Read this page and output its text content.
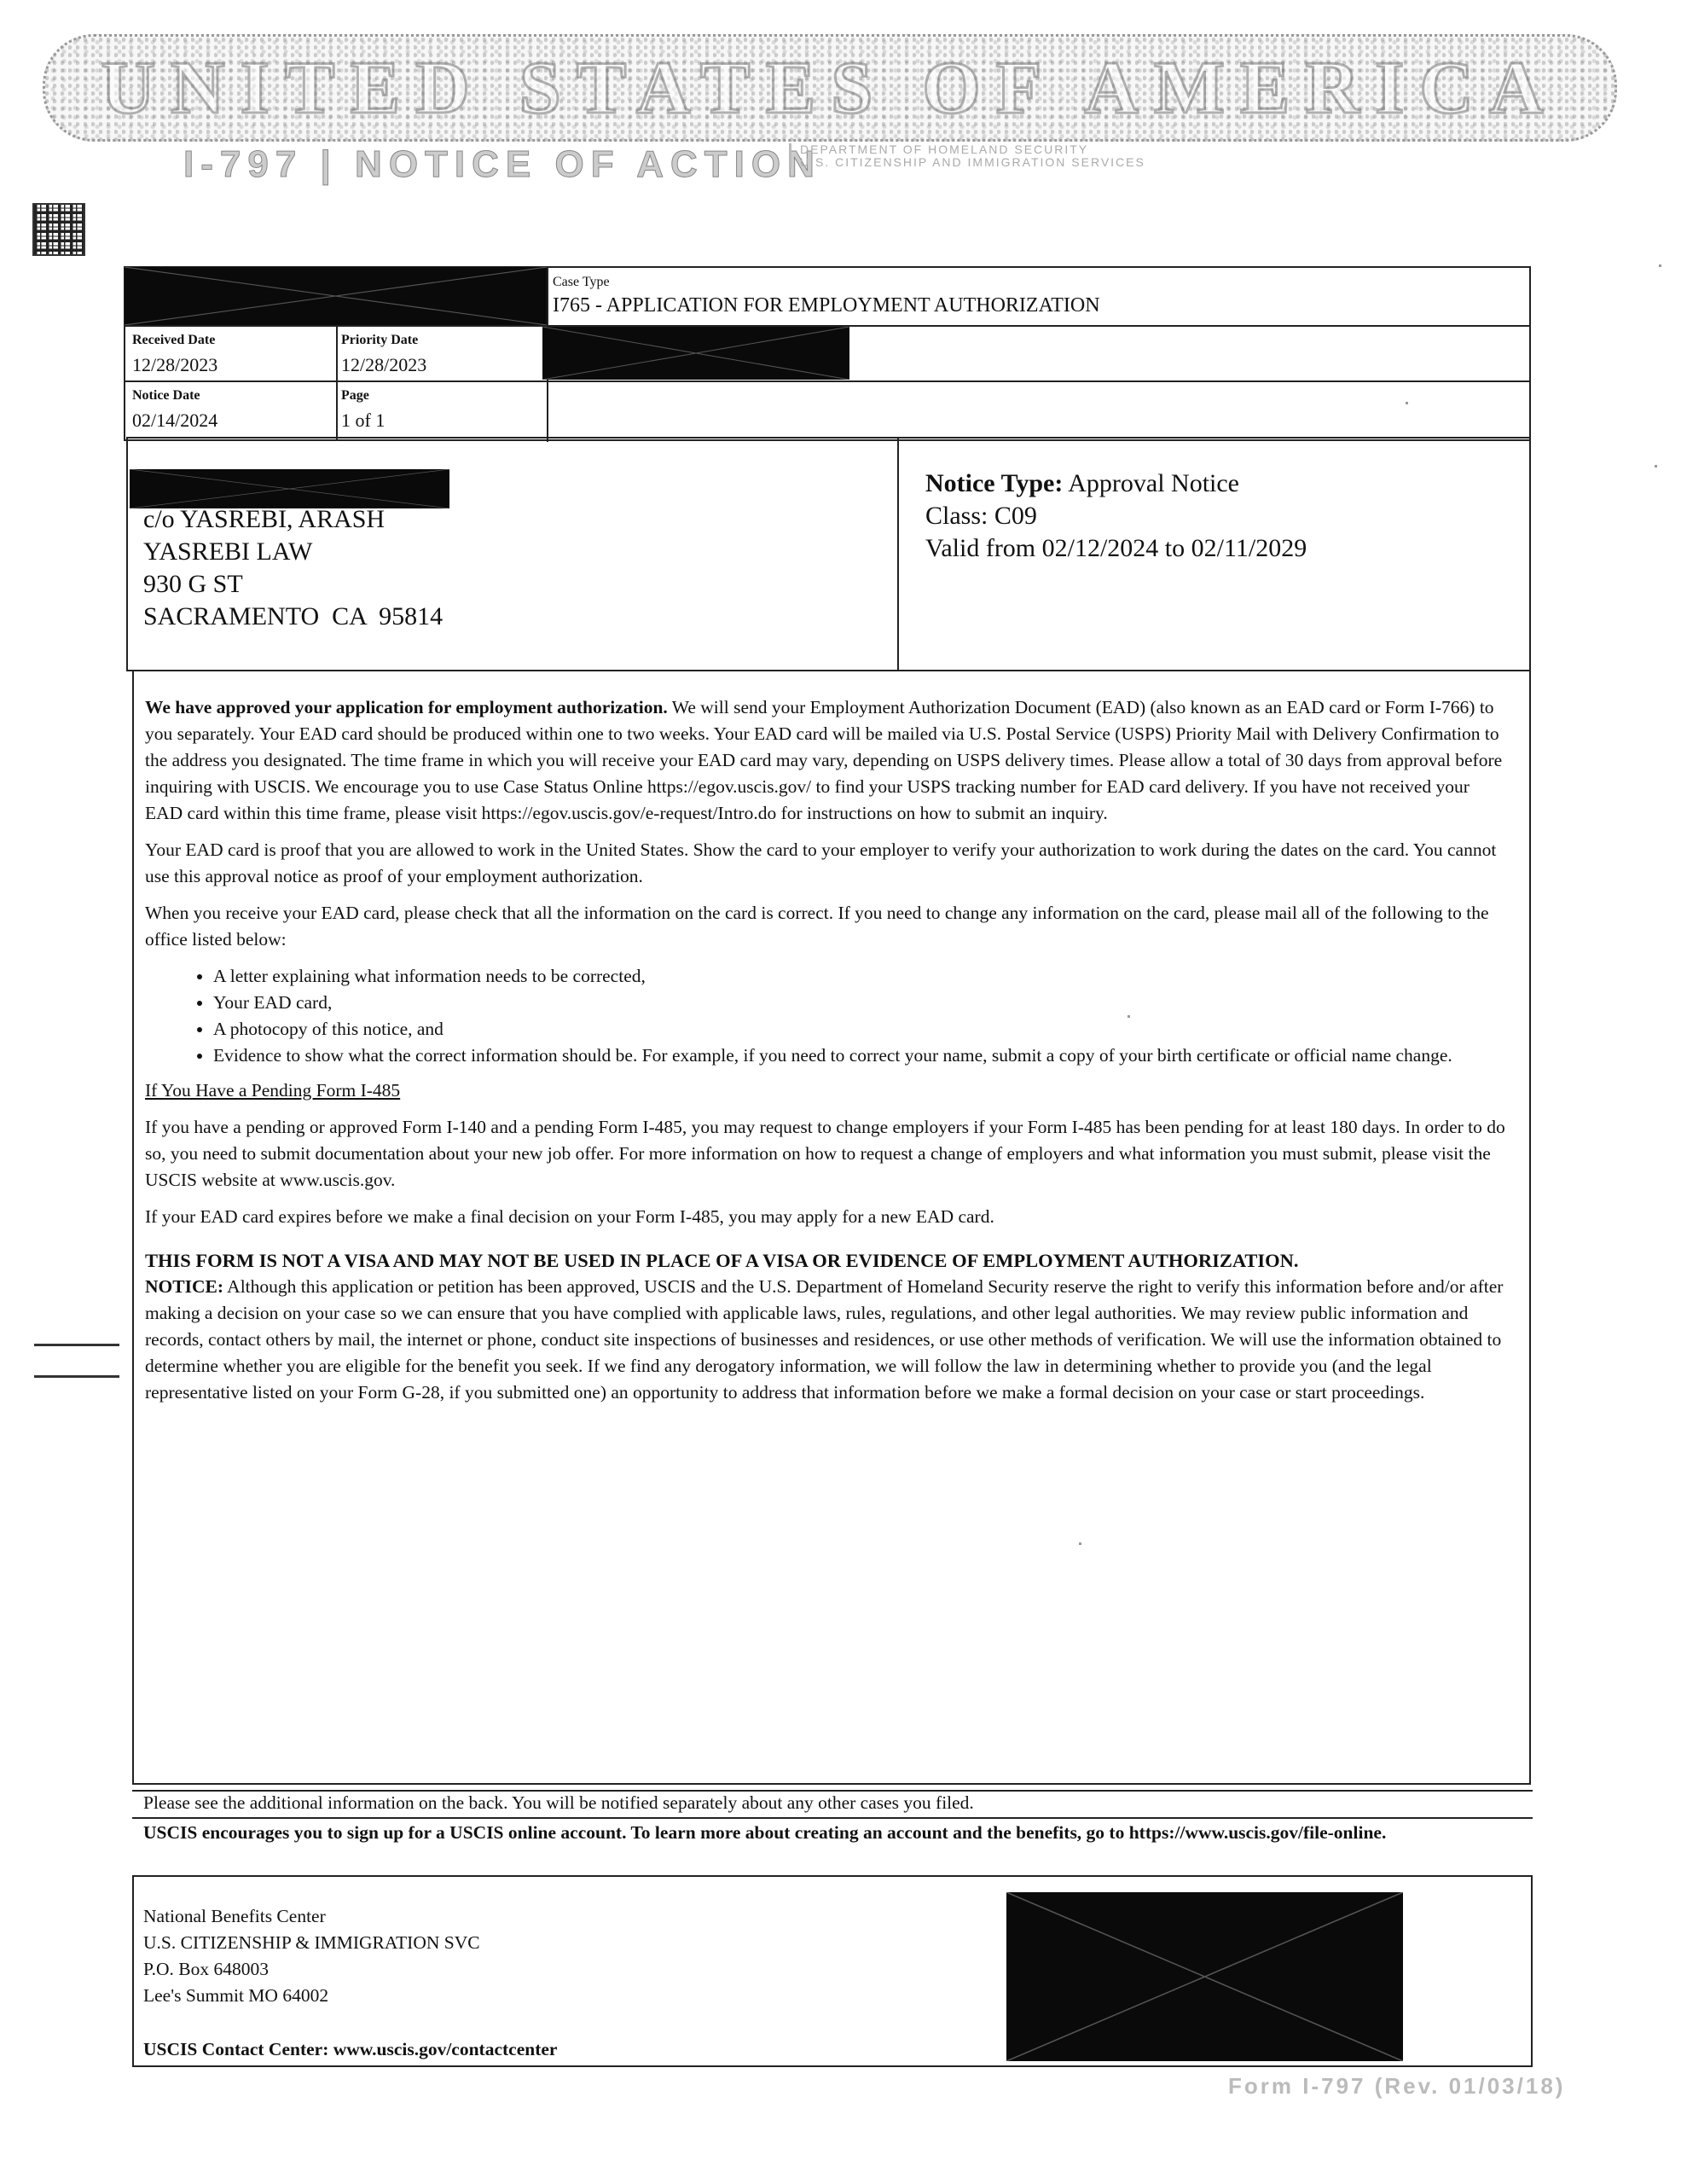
UNITED STATES OF AMERICA
I-797 | NOTICE OF ACTION
DEPARTMENT OF HOMELAND SECURITY
U.S. CITIZENSHIP AND IMMIGRATION SERVICES
Case Type
I765 - APPLICATION FOR EMPLOYMENT AUTHORIZATION
Received Date
12/28/2023
Priority Date
12/28/2023
Notice Date
02/14/2024
Page
1 of 1
c/o YASREBI, ARASH
YASREBI LAW
930 G ST
SACRAMENTO  CA  95814
Notice Type: Approval Notice
Class: C09
Valid from 02/12/2024 to 02/11/2029

We have approved your application for employment authorization. We will send your Employment Authorization Document (EAD) (also known as an EAD card or Form I-766) to you separately. Your EAD card should be produced within one to two weeks. Your EAD card will be mailed via U.S. Postal Service (USPS) Priority Mail with Delivery Confirmation to the address you designated. The time frame in which you will receive your EAD card may vary, depending on USPS delivery times. Please allow a total of 30 days from approval before inquiring with USCIS. We encourage you to use Case Status Online https://egov.uscis.gov/ to find your USPS tracking number for EAD card delivery. If you have not received your EAD card within this time frame, please visit https://egov.uscis.gov/e-request/Intro.do for instructions on how to submit an inquiry.

Your EAD card is proof that you are allowed to work in the United States. Show the card to your employer to verify your authorization to work during the dates on the card. You cannot use this approval notice as proof of your employment authorization.

When you receive your EAD card, please check that all the information on the card is correct. If you need to change any information on the card, please mail all of the following to the office listed below:

• A letter explaining what information needs to be corrected,
• Your EAD card,
• A photocopy of this notice, and
• Evidence to show what the correct information should be. For example, if you need to correct your name, submit a copy of your birth certificate or official name change.

If You Have a Pending Form I-485

If you have a pending or approved Form I-140 and a pending Form I-485, you may request to change employers if your Form I-485 has been pending for at least 180 days. In order to do so, you need to submit documentation about your new job offer. For more information on how to request a change of employers and what information you must submit, please visit the USCIS website at www.uscis.gov.

If your EAD card expires before we make a final decision on your Form I-485, you may apply for a new EAD card.

THIS FORM IS NOT A VISA AND MAY NOT BE USED IN PLACE OF A VISA OR EVIDENCE OF EMPLOYMENT AUTHORIZATION.
NOTICE: Although this application or petition has been approved, USCIS and the U.S. Department of Homeland Security reserve the right to verify this information before and/or after making a decision on your case so we can ensure that you have complied with applicable laws, rules, regulations, and other legal authorities. We may review public information and records, contact others by mail, the internet or phone, conduct site inspections of businesses and residences, or use other methods of verification. We will use the information obtained to determine whether you are eligible for the benefit you seek. If we find any derogatory information, we will follow the law in determining whether to provide you (and the legal representative listed on your Form G-28, if you submitted one) an opportunity to address that information before we make a formal decision on your case or start proceedings.
Please see the additional information on the back. You will be notified separately about any other cases you filed.
USCIS encourages you to sign up for a USCIS online account. To learn more about creating an account and the benefits, go to https://www.uscis.gov/file-online.
National Benefits Center
U.S. CITIZENSHIP & IMMIGRATION SVC
P.O. Box 648003
Lee's Summit MO 64002
USCIS Contact Center: www.uscis.gov/contactcenter
Form I-797 (Rev. 01/03/18)
